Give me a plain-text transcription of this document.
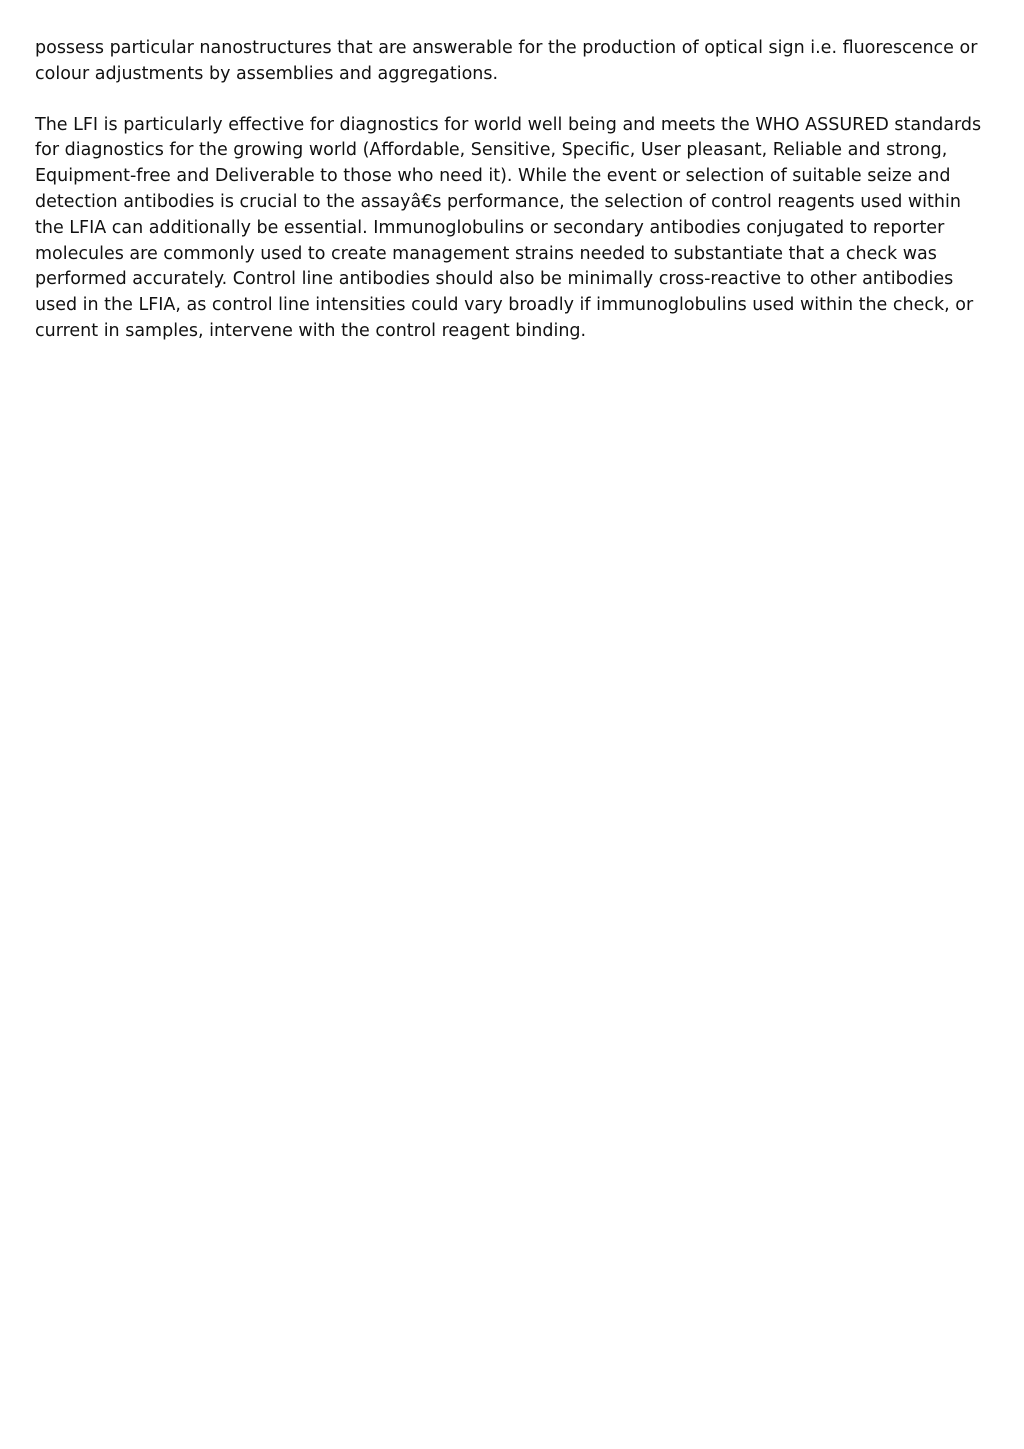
possess particular nanostructures that are answerable for the production of optical sign i.e. fluorescence or colour adjustments by assemblies and aggregations.

The LFI is particularly effective for diagnostics for world well being and meets the WHO ASSURED standards for diagnostics for the growing world (Affordable, Sensitive, Specific, User pleasant, Reliable and strong, Equipment-free and Deliverable to those who need it). While the event or selection of suitable seize and detection antibodies is crucial to the assayâ€s performance, the selection of control reagents used within the LFIA can additionally be essential. Immunoglobulins or secondary antibodies conjugated to reporter molecules are commonly used to create management strains needed to substantiate that a check was performed accurately. Control line antibodies should also be minimally cross-reactive to other antibodies used in the LFIA, as control line intensities could vary broadly if immunoglobulins used within the check, or current in samples, intervene with the control reagent binding.
